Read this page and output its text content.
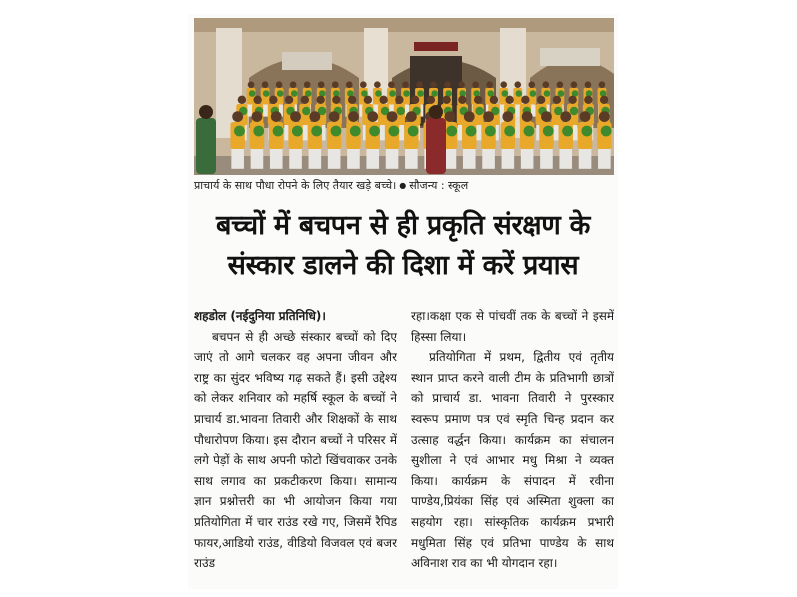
प्राचार्य के साथ पौधा रोपने के लिए तैयार खड़े बच्चे। ● सौजन्य : स्कूल
बच्चों में बचपन से ही प्रकृति संरक्षण के
संस्कार डालने की दिशा में करें प्रयास

शहडोल (नईदुनिया प्रतिनिधि)।

बचपन से ही अच्छे संस्कार बच्चों को दिए जाएं तो आगे चलकर वह अपना जीवन और राष्ट्र का सुंदर भविष्य गढ़ सकते हैं। इसी उद्देश्य को लेकर शनिवार को महर्षि स्कूल के बच्चों ने प्राचार्य डा.भावना तिवारी और शिक्षकों के साथ पौधारोपण किया। इस दौरान बच्चों ने परिसर में लगे पेड़ों के साथ अपनी फोटो खिंचवाकर उनके साथ लगाव का प्रकटीकरण किया। सामान्य ज्ञान प्रश्नोत्तरी का भी आयोजन किया गया प्रतियोगिता में चार राउंड रखे गए, जिसमें रैपिड फायर,आडियो राउंड, वीडियो विजवल एवं बजर राउंड

रहा।कक्षा एक से पांचवीं तक के बच्चों ने इसमें हिस्सा लिया।

प्रतियोगिता में प्रथम, द्वितीय एवं तृतीय स्थान प्राप्त करने वाली टीम के प्रतिभागी छात्रों को प्राचार्य डा. भावना तिवारी ने पुरस्कार स्वरूप प्रमाण पत्र एवं स्मृति चिन्ह प्रदान कर उत्साह वर्द्धन किया। कार्यक्रम का संचालन सुशीला ने एवं आभार मधु मिश्रा ने व्यक्त किया। कार्यक्रम के संपादन में रवीना पाण्डेय,प्रियंका सिंह एवं अस्मिता शुक्ला का सहयोग रहा। सांस्कृतिक कार्यक्रम प्रभारी मधुमिता सिंह एवं प्रतिभा पाण्डेय के साथ अविनाश राव का भी योगदान रहा।
